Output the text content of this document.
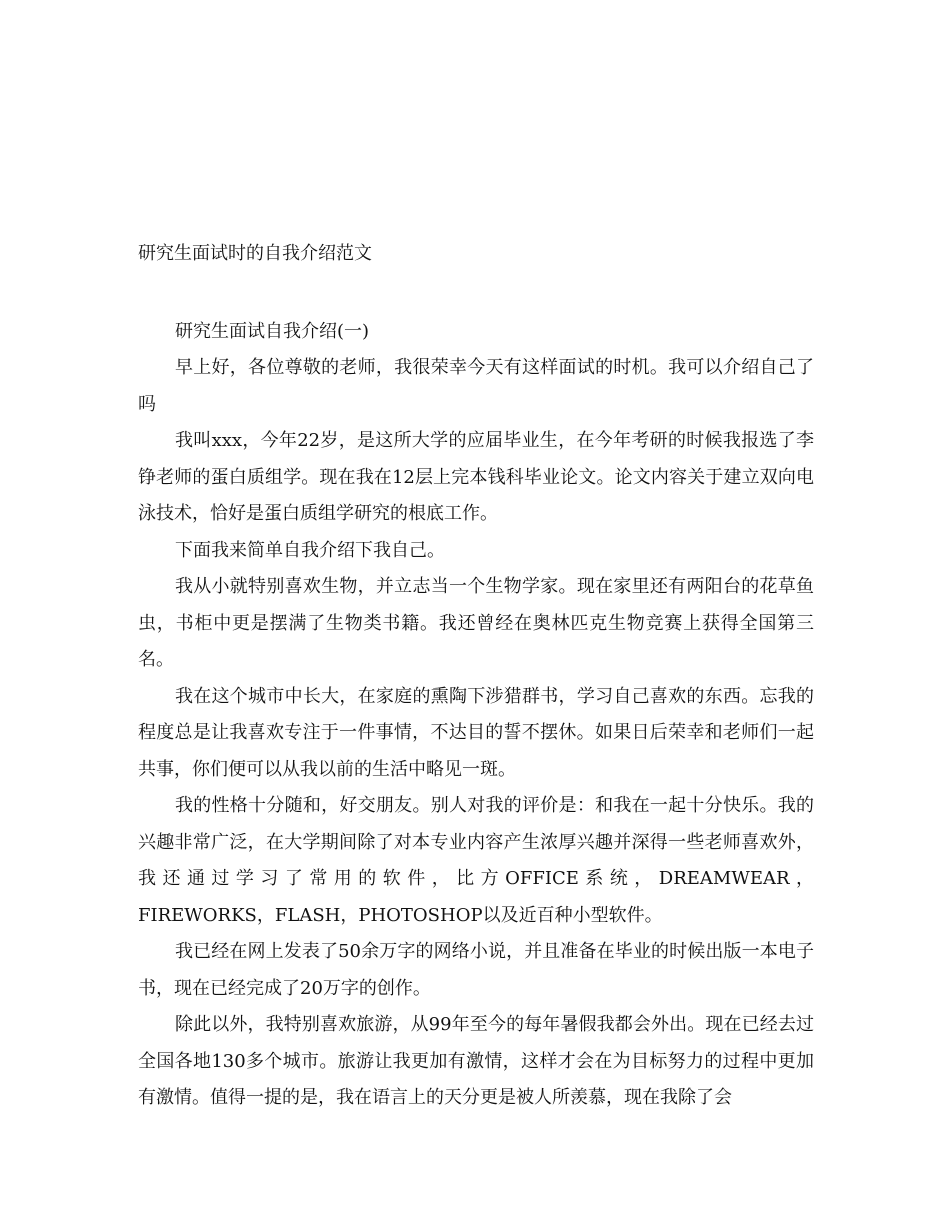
研究生面试时的自我介绍范文
研究生面试自我介绍(一)

早上好，各位尊敬的老师，我很荣幸今天有这样面试的时机。我可以介绍自己了吗

我叫xxx，今年22岁，是这所大学的应届毕业生，在今年考研的时候我报选了李铮老师的蛋白质组学。现在我在12层上完本钱科毕业论文。论文内容关于建立双向电泳技术，恰好是蛋白质组学研究的根底工作。

下面我来简单自我介绍下我自己。

我从小就特别喜欢生物，并立志当一个生物学家。现在家里还有两阳台的花草鱼虫，书柜中更是摆满了生物类书籍。我还曾经在奥林匹克生物竞赛上获得全国第三名。

我在这个城市中长大，在家庭的熏陶下涉猎群书，学习自己喜欢的东西。忘我的程度总是让我喜欢专注于一件事情，不达目的誓不摆休。如果日后荣幸和老师们一起共事，你们便可以从我以前的生活中略见一斑。

我的性格十分随和，好交朋友。别人对我的评价是：和我在一起十分快乐。我的兴趣非常广泛，在大学期间除了对本专业内容产生浓厚兴趣并深得一些老师喜欢外，我还通过学习了常用的软件，比方OFFICE系统，DREAMWEAR，FIREWORKS，FLASH，PHOTOSHOP以及近百种小型软件。

我已经在网上发表了50余万字的网络小说，并且准备在毕业的时候出版一本电子书，现在已经完成了20万字的创作。

除此以外，我特别喜欢旅游，从99年至今的每年暑假我都会外出。现在已经去过全国各地130多个城市。旅游让我更加有激情，这样才会在为目标努力的过程中更加有激情。值得一提的是，我在语言上的天分更是被人所羡慕，现在我除了会
